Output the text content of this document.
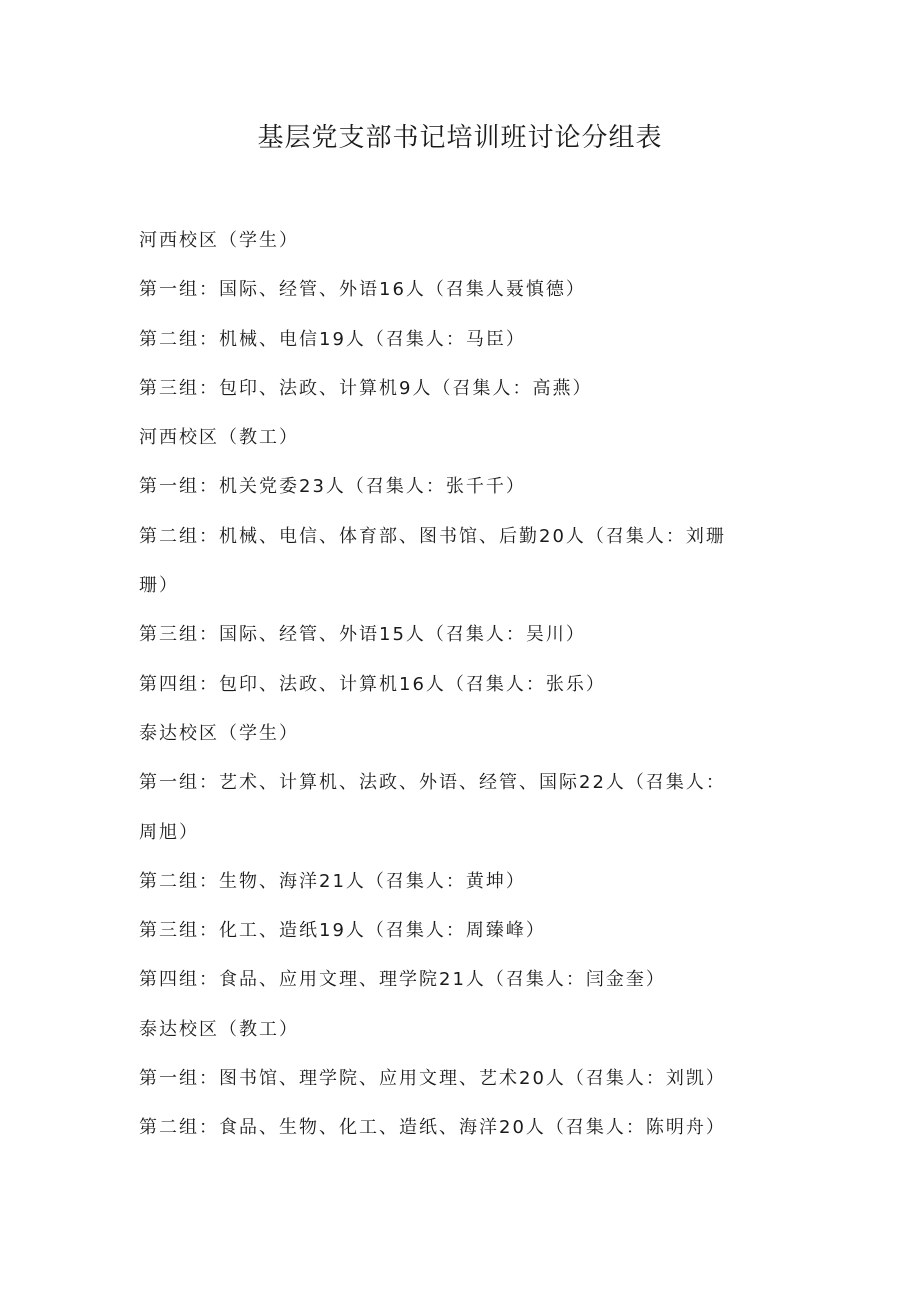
基层党支部书记培训班讨论分组表
河西校区（学生）
第一组：国际、经管、外语16人（召集人聂慎德）
第二组：机械、电信19人（召集人：马臣）
第三组：包印、法政、计算机9人（召集人：高燕）
河西校区（教工）
第一组：机关党委23人（召集人：张千千）
第二组：机械、电信、体育部、图书馆、后勤20人（召集人：刘珊
珊）
第三组：国际、经管、外语15人（召集人：吴川）
第四组：包印、法政、计算机16人（召集人：张乐）
泰达校区（学生）
第一组：艺术、计算机、法政、外语、经管、国际22人（召集人：
周旭）
第二组：生物、海洋21人（召集人：黄坤）
第三组：化工、造纸19人（召集人：周臻峰）
第四组：食品、应用文理、理学院21人（召集人：闫金奎）
泰达校区（教工）
第一组：图书馆、理学院、应用文理、艺术20人（召集人：刘凯）
第二组：食品、生物、化工、造纸、海洋20人（召集人：陈明舟）
